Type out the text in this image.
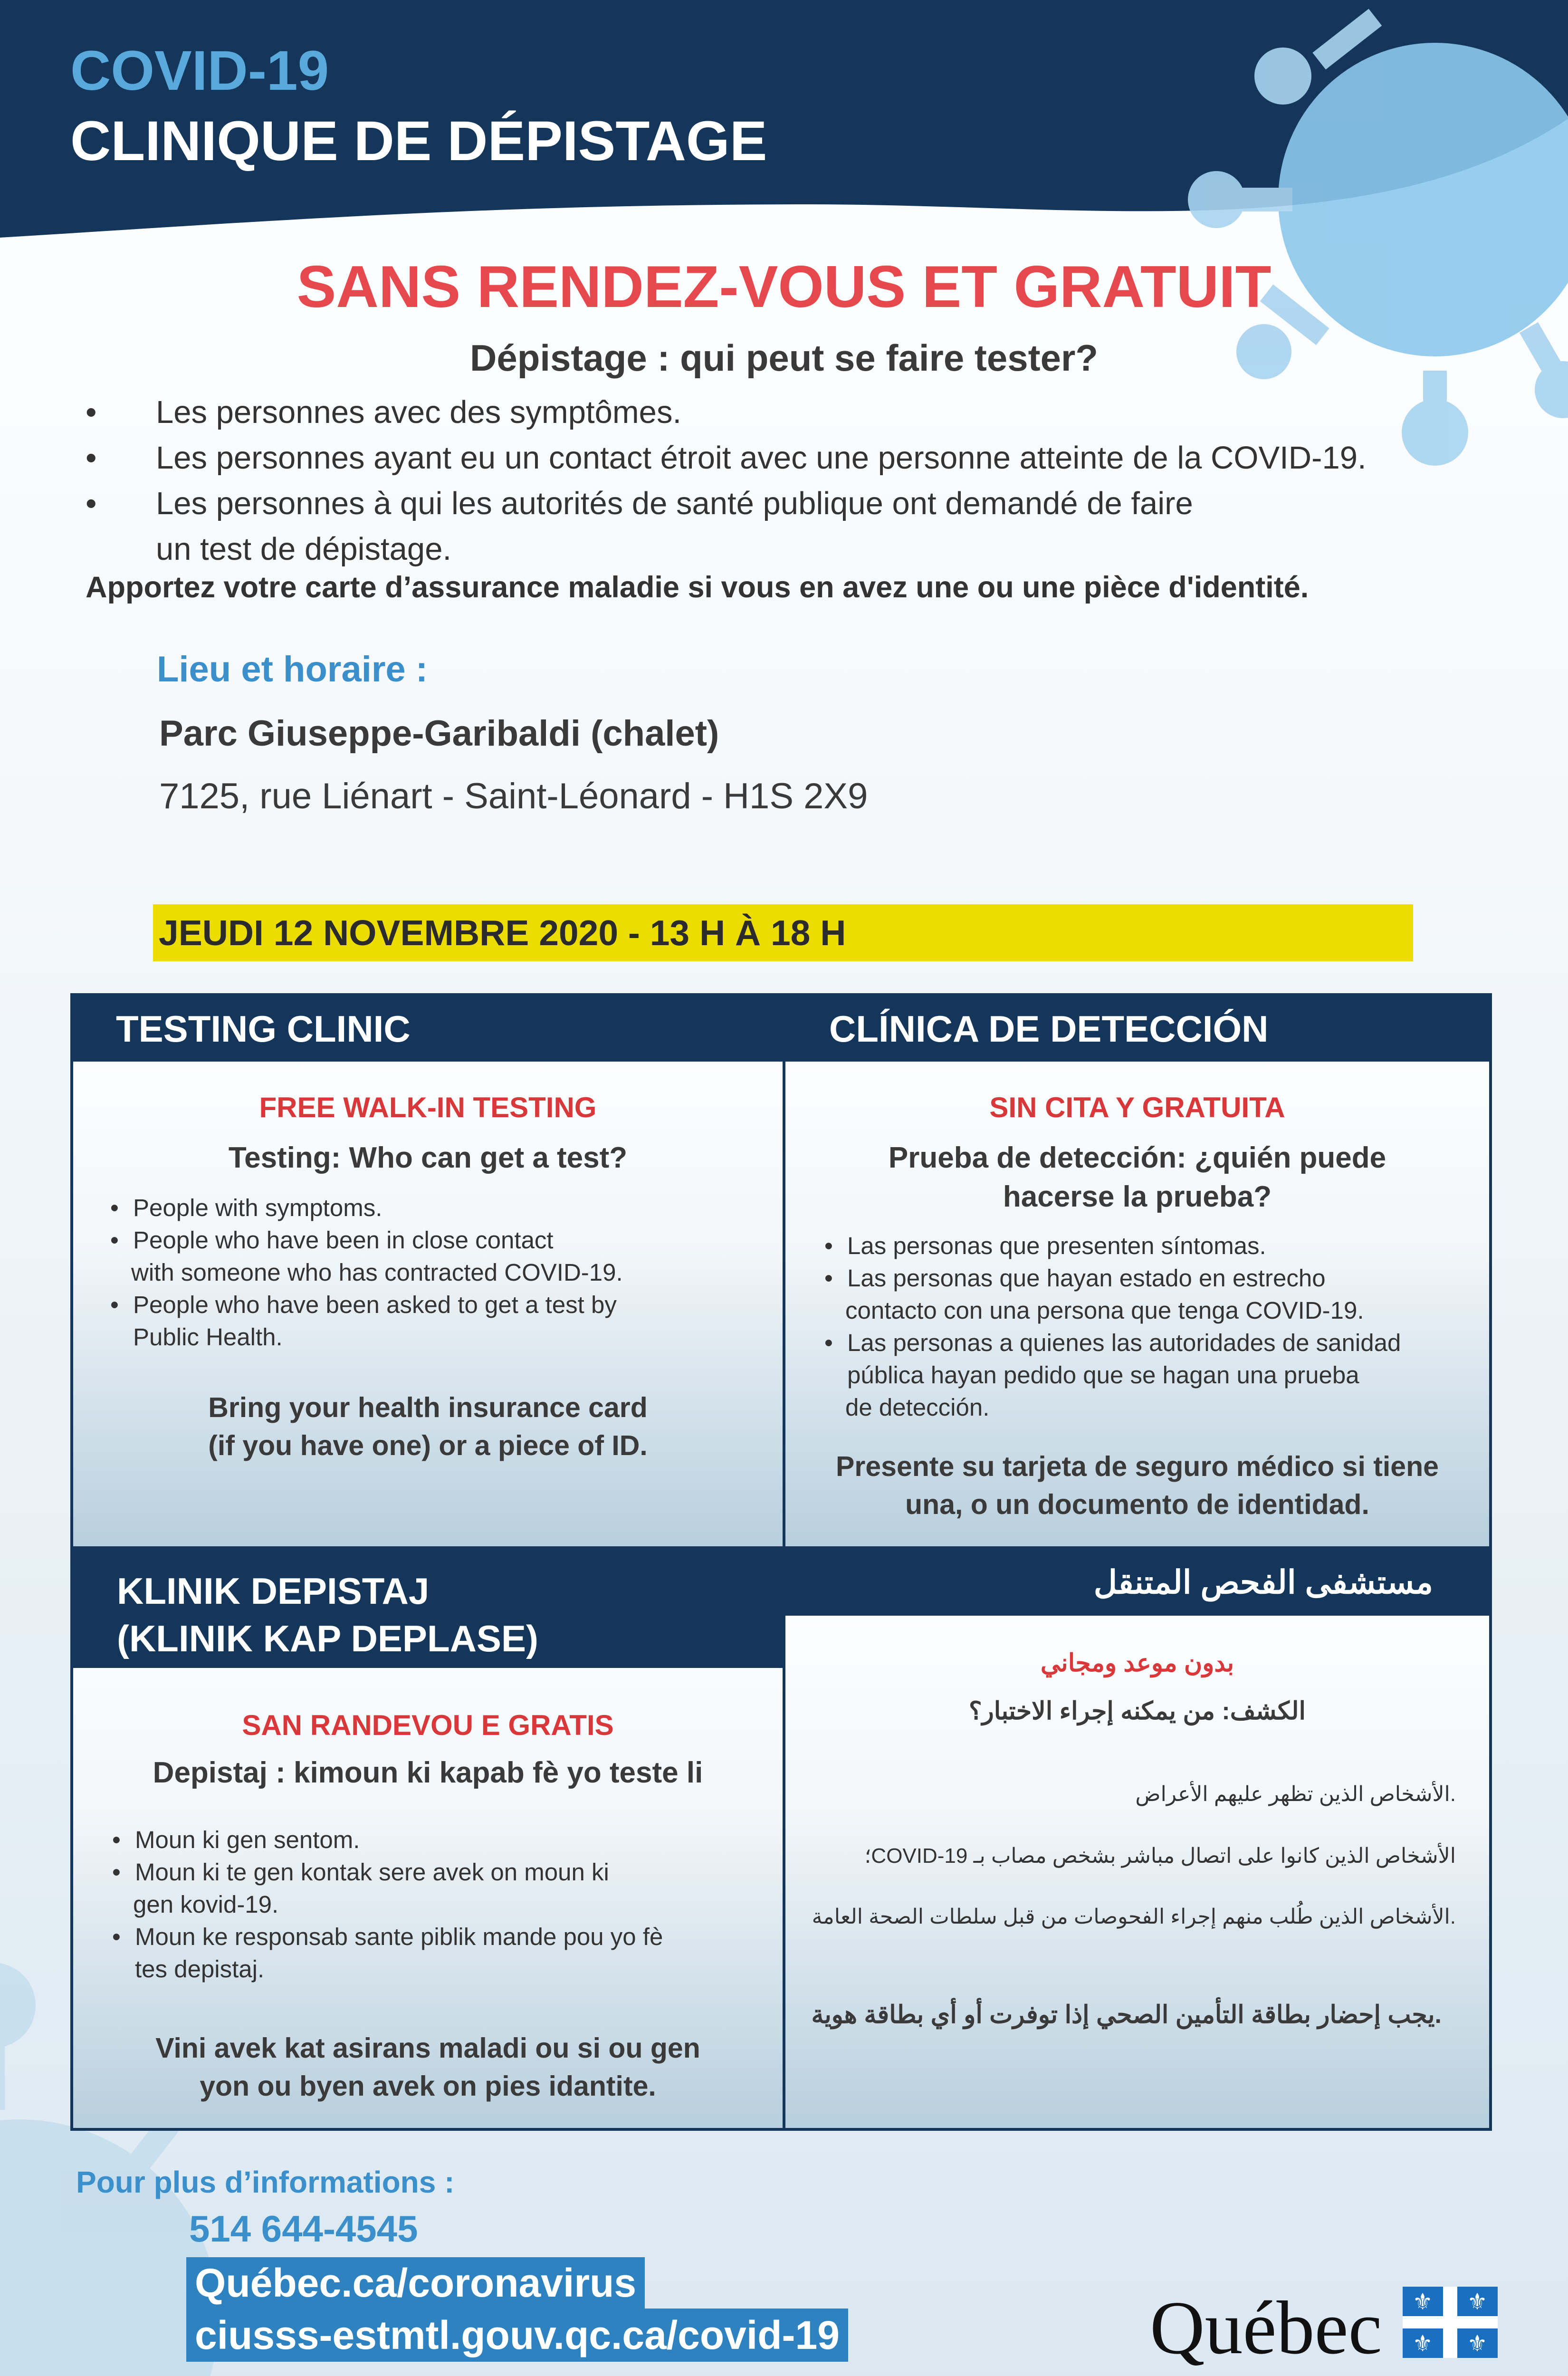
COVID-19
CLINIQUE DE DÉPISTAGE
SANS RENDEZ-VOUS ET GRATUIT
Dépistage : qui peut se faire tester?
• Les personnes avec des symptômes.
• Les personnes ayant eu un contact étroit avec une personne atteinte de la COVID-19.
• Les personnes à qui les autorités de santé publique ont demandé de faire
un test de dépistage.
Apportez votre carte d’assurance maladie si vous en avez une ou une pièce d'identité.
Lieu et horaire :
Parc Giuseppe-Garibaldi (chalet)
7125, rue Liénart - Saint-Léonard - H1S 2X9
JEUDI 12 NOVEMBRE 2020 - 13 H À 18 H
TESTING CLINIC
FREE WALK-IN TESTING
Testing: Who can get a test?
• People with symptoms.
• People who have been in close contact
with someone who has contracted COVID-19.
• People who have been asked to get a test by
Public Health.
Bring your health insurance card
(if you have one) or a piece of ID.
CLÍNICA DE DETECCIÓN
SIN CITA Y GRATUITA
Prueba de detección: ¿quién puede
hacerse la prueba?
• Las personas que presenten síntomas.
• Las personas que hayan estado en estrecho
contacto con una persona que tenga COVID-19.
• Las personas a quienes las autoridades de sanidad
pública hayan pedido que se hagan una prueba
de detección.
Presente su tarjeta de seguro médico si tiene
una, o un documento de identidad.
KLINIK DEPISTAJ
(KLINIK KAP DEPLASE)
SAN RANDEVOU E GRATIS
Depistaj : kimoun ki kapab fè yo teste li
• Moun ki gen sentom.
• Moun ki te gen kontak sere avek on moun ki
gen kovid-19.
• Moun ke responsab sante piblik mande pou yo fè
tes depistaj.
Vini avek kat asirans maladi ou si ou gen
yon ou byen avek on pies idantite.
مستشفى الفحص المتنقل
بدون موعد ومجاني
الكشف: من يمكنه إجراء الاختبار؟
.الأشخاص الذين تظهر عليهم الأعراض
الأشخاص الذين كانوا على اتصال مباشر بشخص مصاب بـ COVID-19؛
.الأشخاص الذين طُلب منهم إجراء الفحوصات من قبل سلطات الصحة العامة
.يجب إحضار بطاقة التأمين الصحي إذا توفرت أو أي بطاقة هوية
Pour plus d’informations :
514 644-4545
Québec.ca/coronavirus
ciusss-estmtl.gouv.qc.ca/covid-19	Québec ⚜ ⚜
⚜ ⚜
